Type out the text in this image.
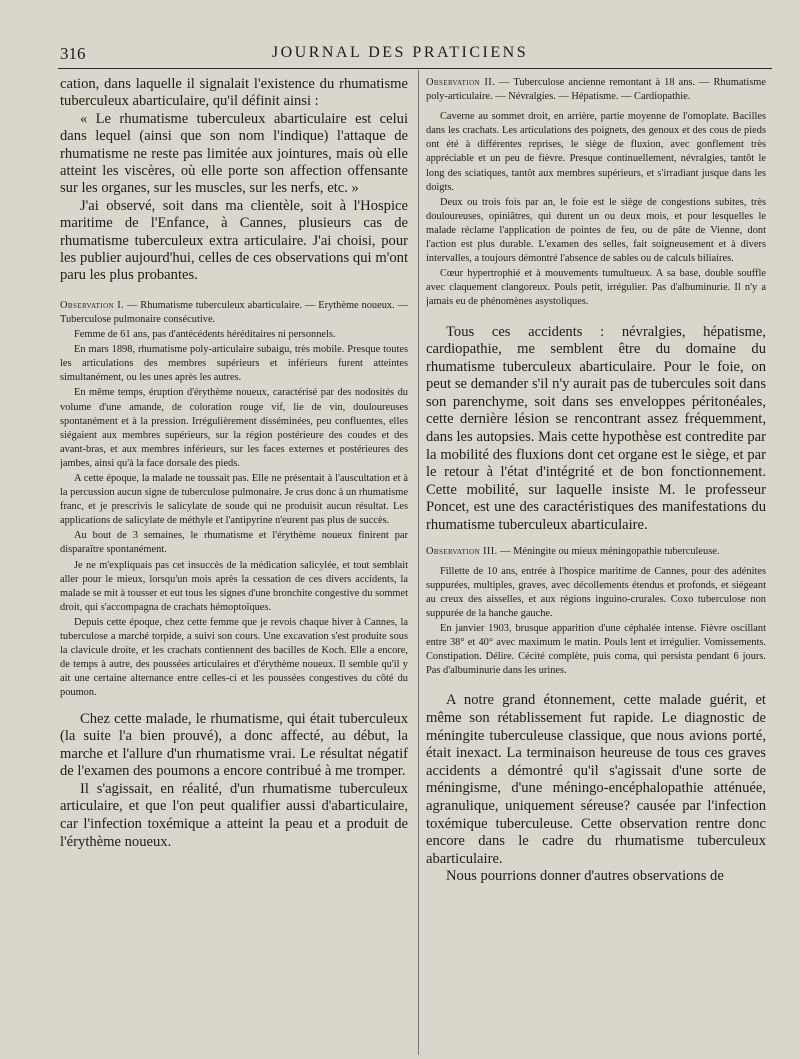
316	JOURNAL DES PRATICIENS

cation, dans laquelle il signalait l'existence du rhumatisme tuberculeux abarticulaire, qu'il définit ainsi :

« Le rhumatisme tuberculeux abarticulaire est celui dans lequel (ainsi que son nom l'indique) l'attaque de rhumatisme ne reste pas limitée aux jointures, mais où elle atteint les viscères, où elle porte son affection offensante sur les organes, sur les muscles, sur les nerfs, etc. »

J'ai observé, soit dans ma clientèle, soit à l'Hospice maritime de l'Enfance, à Cannes, plusieurs cas de rhumatisme tuberculeux extra articulaire. J'ai choisi, pour les publier aujourd'hui, celles de ces observations qui m'ont paru les plus probantes.

Observation I. — Rhumatisme tuberculeux abarticulaire. — Erythème noueux. — Tuberculose pulmonaire consécutive.

Femme de 61 ans, pas d'antécédents héréditaires ni personnels.

En mars 1898, rhumatisme poly-articulaire subaigu, très mobile. Presque toutes les articulations des membres supérieurs et inférieurs furent atteintes simultanément, ou les unes après les autres.

En même temps, éruption d'érythème noueux, caractérisé par des nodosités du volume d'une amande, de coloration rouge vif, lie de vin, douloureuses spontanément et à la pression. Irrégulièrement disséminées, peu confluentes, elles siégaient aux membres supérieurs, sur la région postérieure des coudes et des avant-bras, et aux membres inférieurs, sur les faces externes et postérieures des jambes, ainsi qu'à la face dorsale des pieds.

A cette époque, la malade ne toussait pas. Elle ne présentait à l'auscultation et à la percussion aucun signe de tuberculose pulmonaire. Je crus donc à un rhumatisme franc, et je prescrivis le salicylate de soude qui ne produisit aucun résultat. Les applications de salicylate de méthyle et l'antipyrine n'eurent pas plus de succès.

Au bout de 3 semaines, le rhumatisme et l'érythème noueux finirent par disparaître spontanément.

Je ne m'expliquais pas cet insuccès de la médication salicylée, et tout semblait aller pour le mieux, lorsqu'un mois après la cessation de ces divers accidents, la malade se mit à tousser et eut tous les signes d'une bronchite congestive du sommet droit, qui s'accompagna de crachats hémoptoïques.

Depuis cette époque, chez cette femme que je revois chaque hiver à Cannes, la tuberculose a marché torpide, a suivi son cours. Une excavation s'est produite sous la clavicule droite, et les crachats contiennent des bacilles de Koch. Elle a encore, de temps à autre, des poussées articulaires et d'érythème noueux. Il semble qu'il y ait une certaine alternance entre celles-ci et les poussées congestives du côté du poumon.

Chez cette malade, le rhumatisme, qui était tuberculeux (la suite l'a bien prouvé), a donc affecté, au début, la marche et l'allure d'un rhumatisme vrai. Le résultat négatif de l'examen des poumons a encore contribué à me tromper.

Il s'agissait, en réalité, d'un rhumatisme tuberculeux articulaire, et que l'on peut qualifier aussi d'abarticulaire, car l'infection toxémique a atteint la peau et a produit de l'érythème noueux.

Observation II. — Tuberculose ancienne remontant à 18 ans. — Rhumatisme poly-articulaire. — Névralgies. — Hépatisme. — Cardiopathie.

Caverne au sommet droit, en arrière, partie moyenne de l'omoplate. Bacilles dans les crachats. Les articulations des poignets, des genoux et des cous de pieds ont été à différentes reprises, le siège de fluxion, avec gonflement très appréciable et un peu de fièvre. Presque continuellement, névralgies, tantôt le long des sciatiques, tantôt aux membres supérieurs, et s'irradiant jusque dans les doigts.

Deux ou trois fois par an, le foie est le siège de congestions subites, très douloureuses, opiniâtres, qui durent un ou deux mois, et pour lesquelles le malade réclame l'application de pointes de feu, ou de pâte de Vienne, dont l'action est plus durable. L'examen des selles, fait soigneusement et à divers intervalles, a toujours démontré l'absence de sables ou de calculs biliaires.

Cœur hypertrophié et à mouvements tumultueux. A sa base, double souffle avec claquement clangoreux. Pouls petit, irrégulier. Pas d'albuminurie. Il n'y a jamais eu de phénomènes asystoliques.

Tous ces accidents : névralgies, hépatisme, cardiopathie, me semblent être du domaine du rhumatisme tuberculeux abarticulaire. Pour le foie, on peut se demander s'il n'y aurait pas de tubercules soit dans son parenchyme, soit dans ses enveloppes péritonéales, cette dernière lésion se rencontrant assez fréquemment, dans les autopsies. Mais cette hypothèse est contredite par la mobilité des fluxions dont cet organe est le siège, et par le retour à l'état d'intégrité et de bon fonctionnement. Cette mobilité, sur laquelle insiste M. le professeur Poncet, est une des caractéristiques des manifestations du rhumatisme tuberculeux abarticulaire.

Observation III. — Méningite ou mieux méningopathie tuberculeuse.

Fillette de 10 ans, entrée à l'hospice maritime de Cannes, pour des adénites suppurées, multiples, graves, avec décollements étendus et profonds, et siégeant au creux des aisselles, et aux régions inguino-crurales. Coxo tuberculose non suppurée de la hanche gauche.

En janvier 1903, brusque apparition d'une céphalée intense. Fièvre oscillant entre 38° et 40° avec maximum le matin. Pouls lent et irrégulier. Vomissements. Constipation. Délire. Cécité complète, puis coma, qui persista pendant 6 jours. Pas d'albuminurie dans les urines.

A notre grand étonnement, cette malade guérit, et même son rétablissement fut rapide. Le diagnostic de méningite tuberculeuse classique, que nous avions porté, était inexact. La terminaison heureuse de tous ces graves accidents a démontré qu'il s'agissait d'une sorte de méningisme, d'une méningo-encéphalopathie atténuée, agranulique, uniquement séreuse? causée par l'infection toxémique tuberculeuse. Cette observation rentre donc encore dans le cadre du rhumatisme tuberculeux abarticulaire.

Nous pourrions donner d'autres observations de
